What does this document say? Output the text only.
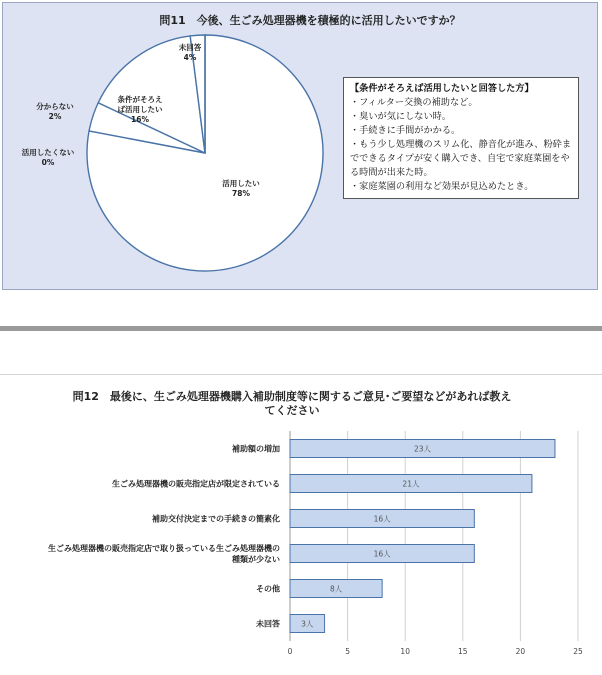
問11　今後、生ごみ処理器機を積極的に活用したいですか？
活用したい
78%
未回答
4%
条件がそろえ
ば活用したい
16%
分からない
2%
活用したくない
0%
【条件がそろえば活用したいと回答した方】
・フィルター交換の補助など。
・臭いが気にしない時。
・手続きに手間がかかる。
・もう少し処理機のスリム化、静音化が進み、粉砕までできるタイプが安く購入でき、自宅で家庭菜園をやる時間が出来た時。
・家庭菜園の利用など効果が見込めたとき。
問12　最後に、生ごみ処理器機購入補助制度等に関するご意見･ご要望などがあれば教え
てください
補助額の増加
生ごみ処理器機の販売指定店が限定されている
補助交付決定までの手続きの簡素化
生ごみ処理器機の販売指定店で取り扱っている生ごみ処理器機の
種類が少ない
その他
未回答
23人
21人
16人
16人
8人
3人
0	5	10	15	20	25
